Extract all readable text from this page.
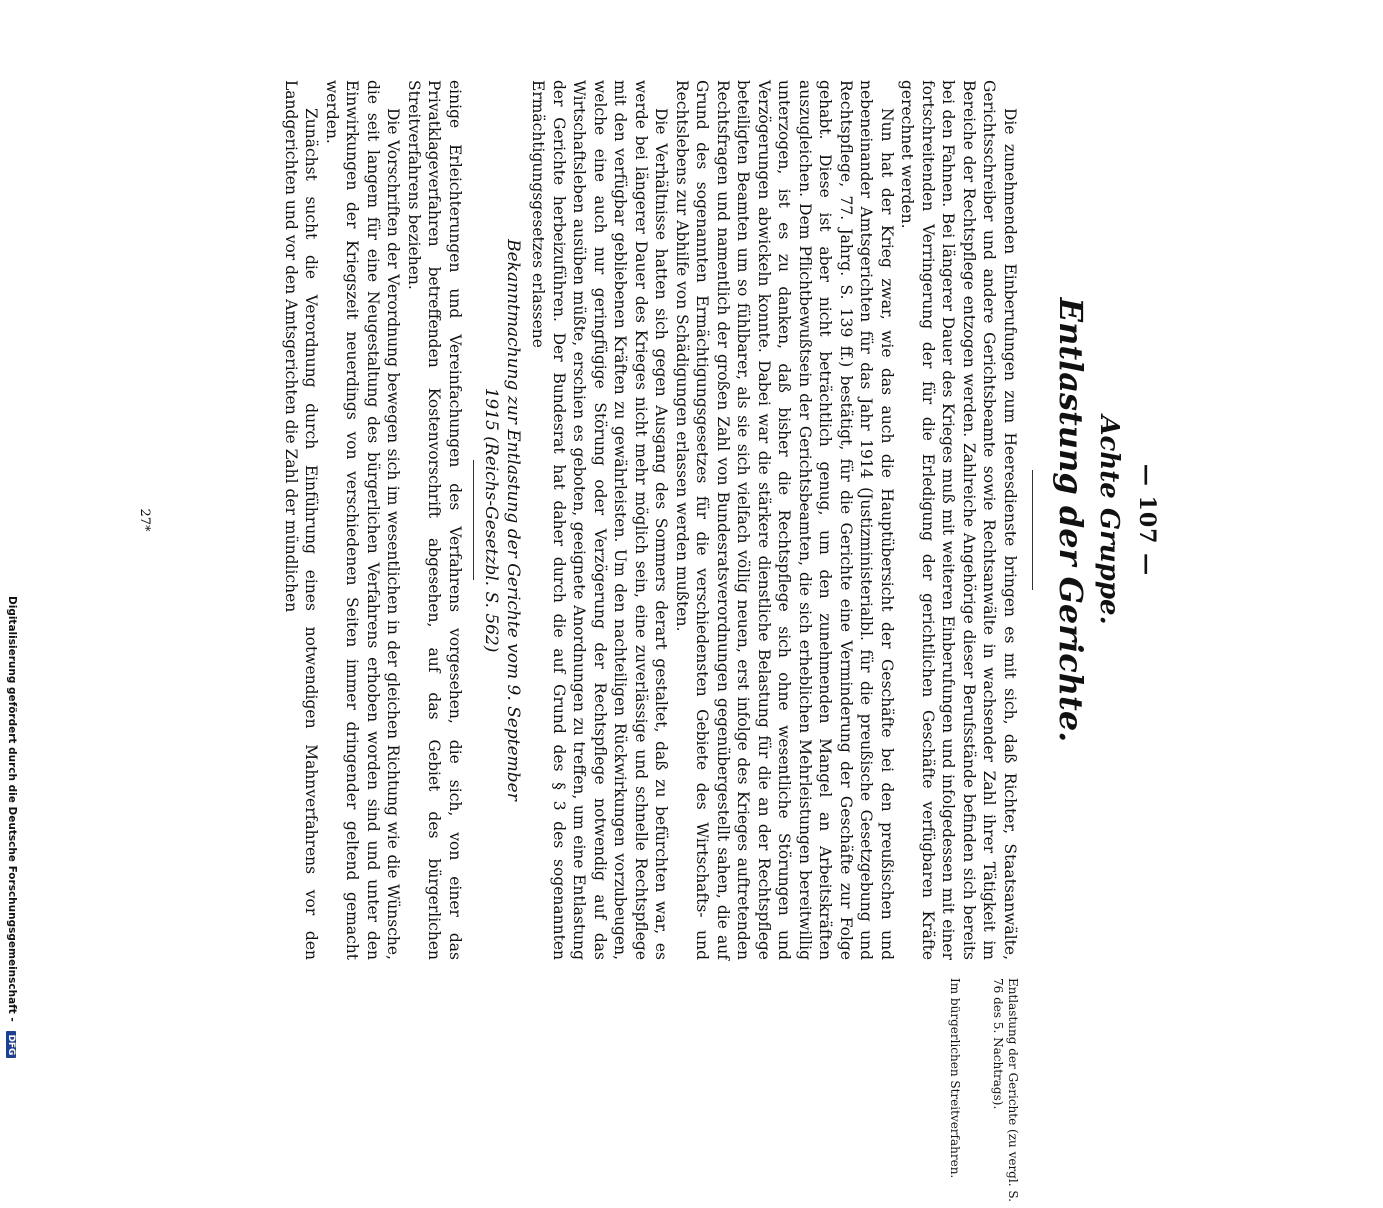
— 107 —
Achte Gruppe.
Entlastung der Gerichte.

Die zunehmenden Einberufungen zum Heeresdienste bringen es mit sich, daß Richter, Staatsanwälte, Gerichtsschreiber und andere Gerichtsbeamte sowie Rechtsanwälte in wachsender Zahl ihrer Tätigkeit im Bereiche der Rechtspflege entzogen werden. Zahlreiche Angehörige dieser Berufsstände befinden sich bereits bei den Fahnen. Bei längerer Dauer des Krieges muß mit weiteren Einberufungen und infolgedessen mit einer fortschreitenden Verringerung der für die Erledigung der gerichtlichen Geschäfte verfügbaren Kräfte gerechnet werden.

Nun hat der Krieg zwar, wie das auch die Hauptübersicht der Geschäfte bei den preußischen und nebeneinander Amtsgerichten für das Jahr 1914 (Justizministerialbl. für die preußische Gesetzgebung und Rechtspflege, 77. Jahrg. S. 139 ff.) bestätigt, für die Gerichte eine Verminderung der Geschäfte zur Folge gehabt. Diese ist aber nicht beträchtlich genug, um den zunehmenden Mangel an Arbeitskräften auszugleichen. Dem Pflichtbewußtsein der Gerichtsbeamten, die sich erheblichen Mehrleistungen bereitwillig unterzogen, ist es zu danken, daß bisher die Rechtspflege sich ohne wesentliche Störungen und Verzögerungen abwickeln konnte. Dabei war die stärkere dienstliche Belastung für die an der Rechtspflege beteiligten Beamten um so fühlbarer, als sie sich vielfach völlig neuen, erst infolge des Krieges auftretenden Rechtsfragen und namentlich der großen Zahl von Bundesratsverordnungen gegenübergestellt sahen, die auf Grund des sogenannten Ermächtigungsgesetzes für die verschiedensten Gebiete des Wirtschafts- und Rechtslebens zur Abhilfe von Schädigungen erlassen werden mußten.

Die Verhältnisse hatten sich gegen Ausgang des Sommers derart gestaltet, daß zu befürchten war, es werde bei längerer Dauer des Krieges nicht mehr möglich sein, eine zuverlässige und schnelle Rechtspflege mit den verfügbar gebliebenen Kräften zu gewährleisten. Um den nachteiligen Rückwirkungen vorzubeugen, welche eine auch nur geringfügige Störung oder Verzögerung der Rechtspflege notwendig auf das Wirtschaftsleben ausüben müßte, erschien es geboten, geeignete Anordnungen zu treffen, um eine Entlastung der Gerichte herbeizuführen. Der Bundesrat hat daher durch die auf Grund des § 3 des sogenannten Ermächtigungsgesetzes erlassene

Bekanntmachung zur Entlastung der Gerichte vom 9. September
1915 (Reichs-Gesetzbl. S. 562)

einige Erleichterungen und Vereinfachungen des Verfahrens vorgesehen, die sich, von einer das Privatklageverfahren betreffenden Kostenvorschrift abgesehen, auf das Gebiet des bürgerlichen Streitverfahrens beziehen.

Die Vorschriften der Verordnung bewegen sich im wesentlichen in der gleichen Richtung wie die Wünsche, die seit langem für eine Neugestaltung des bürgerlichen Verfahrens erhoben worden sind und unter den Einwirkungen der Kriegszeit neuerdings von verschiedenen Seiten immer dringender geltend gemacht werden.

Zunächst sucht die Verordnung durch Einführung eines notwendigen Mahnverfahrens vor den Landgerichten und vor den Amtsgerichten die Zahl der mündlichen

Entlastung der Gerichte (zu vergl. S. 76 des 5. Nachtrags).
Im bürgerlichen Streitverfahren.
27*
Digitalisierung gefördert durch die Deutsche Forschungsgemeinschaft - DFG
